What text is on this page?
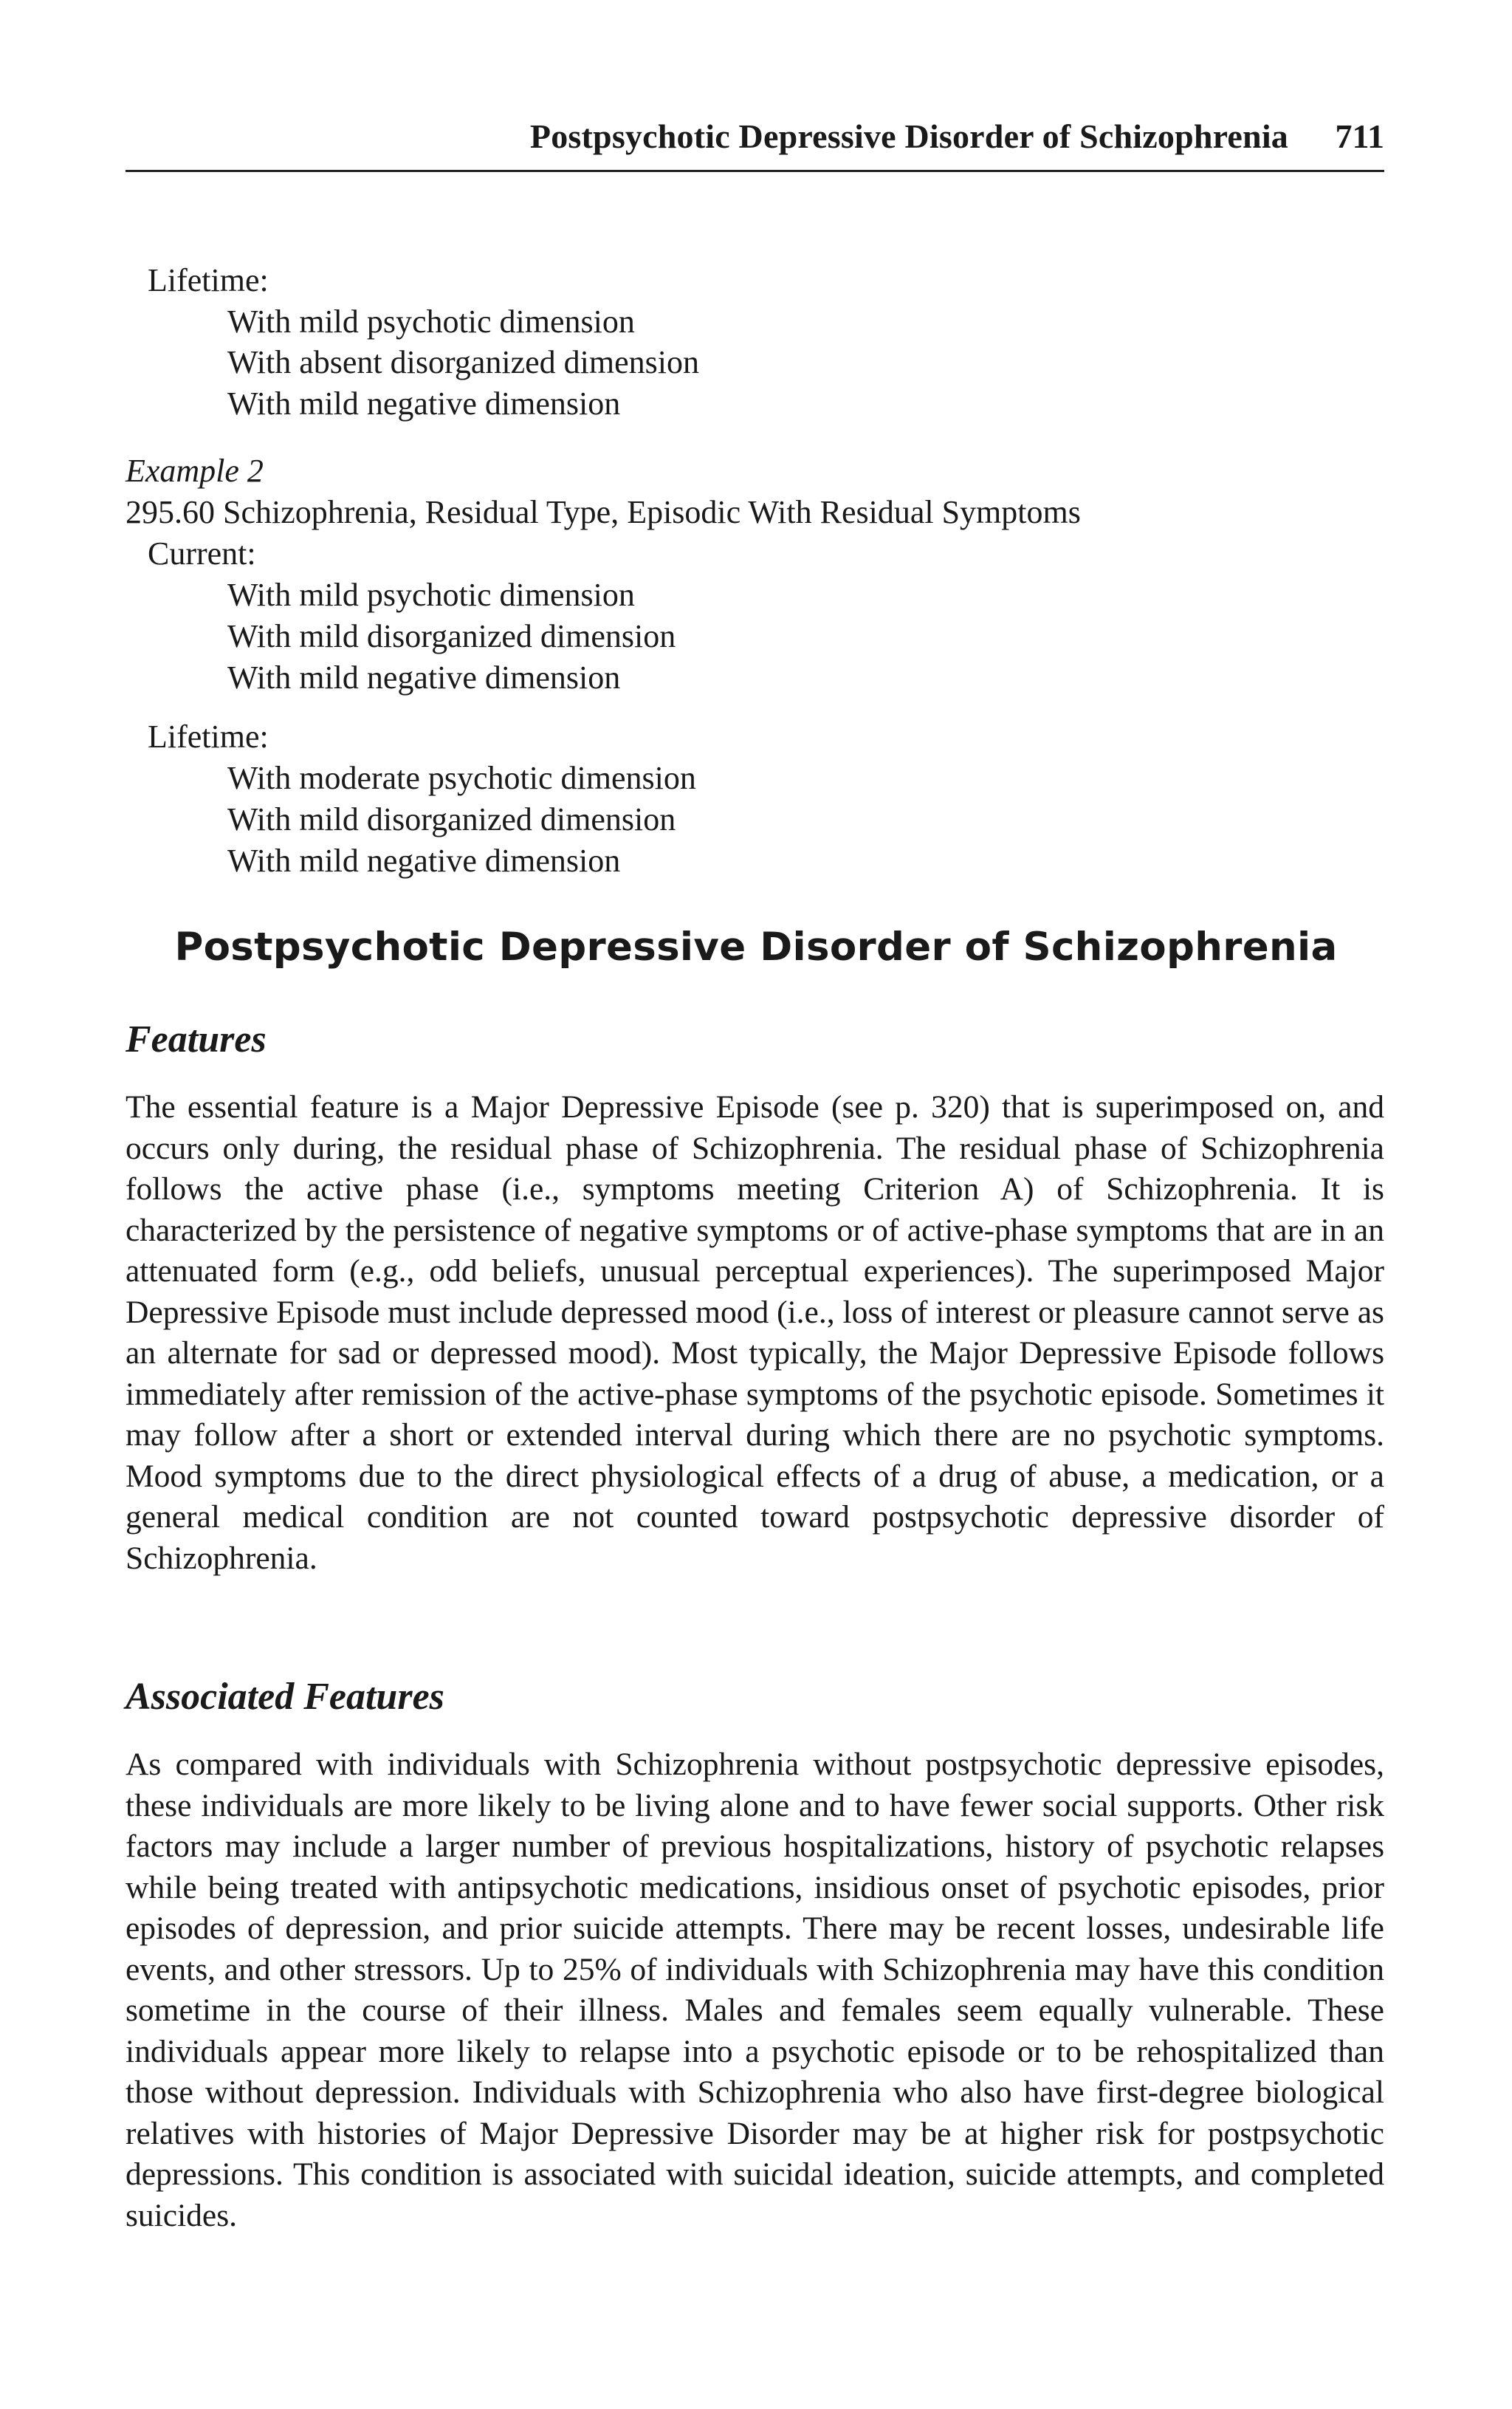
Postpsychotic Depressive Disorder of Schizophrenia 711
Lifetime:
With mild psychotic dimension
With absent disorganized dimension
With mild negative dimension
Example 2
295.60 Schizophrenia, Residual Type, Episodic With Residual Symptoms
Current:
With mild psychotic dimension
With mild disorganized dimension
With mild negative dimension
Lifetime:
With moderate psychotic dimension
With mild disorganized dimension
With mild negative dimension
Postpsychotic Depressive Disorder of Schizophrenia
Features
The essential feature is a Major Depressive Episode (see p. 320) that is superimposed on, and occurs only during, the residual phase of Schizophrenia. The residual phase of Schizophrenia follows the active phase (i.e., symptoms meeting Criterion A) of Schizophrenia. It is characterized by the persistence of negative symptoms or of active-phase symptoms that are in an attenuated form (e.g., odd beliefs, unusual perceptual experiences). The superimposed Major Depressive Episode must include depressed mood (i.e., loss of interest or pleasure cannot serve as an alternate for sad or depressed mood). Most typically, the Major Depressive Episode follows immediately after remission of the active-phase symptoms of the psychotic episode. Sometimes it may follow after a short or extended interval during which there are no psychotic symptoms. Mood symptoms due to the direct physiological effects of a drug of abuse, a medication, or a general medical condition are not counted toward postpsychotic depressive disorder of Schizophrenia.
Associated Features
As compared with individuals with Schizophrenia without postpsychotic depressive episodes, these individuals are more likely to be living alone and to have fewer social supports. Other risk factors may include a larger number of previous hospitalizations, history of psychotic relapses while being treated with antipsychotic medications, insidious onset of psychotic episodes, prior episodes of depression, and prior suicide attempts. There may be recent losses, undesirable life events, and other stressors. Up to 25% of individuals with Schizophrenia may have this condition sometime in the course of their illness. Males and females seem equally vulnerable. These individuals appear more likely to relapse into a psychotic episode or to be rehospitalized than those without depression. Individuals with Schizophrenia who also have first-degree biological relatives with histories of Major Depressive Disorder may be at higher risk for postpsychotic depressions. This condition is associated with suicidal ideation, suicide attempts, and completed suicides.
